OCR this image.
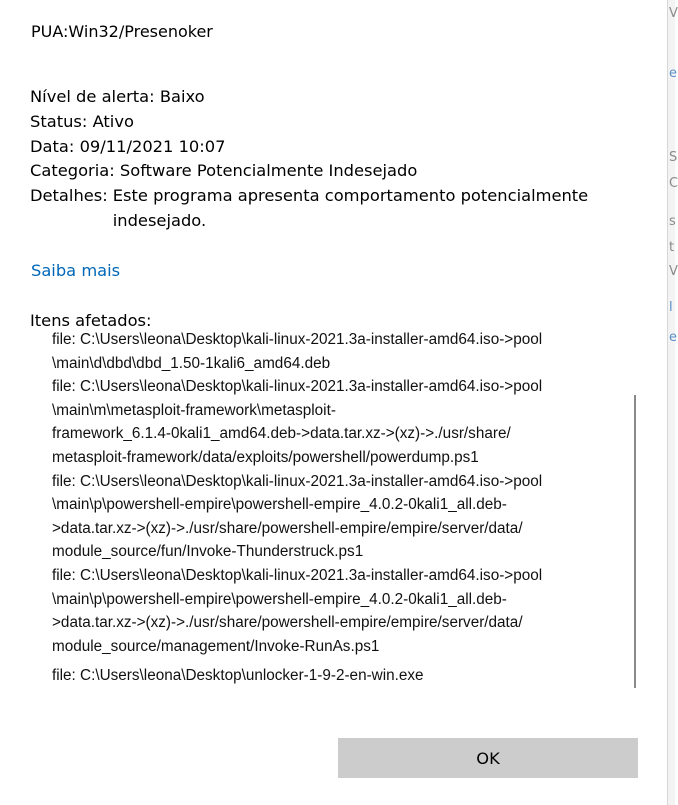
PUA:Win32/Presenoker
Nível de alerta:
Baixo
Status:
Ativo
Data:
09/11/2021 10:07
Categoria:
Software Potencialmente Indesejado
Detalhes: Este programa apresenta comportamento potencialmente indesejado.
Saiba mais
Itens afetados:
file: C:\Users\leona\Desktop\kali-linux-2021.3a-installer-amd64.iso->pool
\main\d\dbd\dbd_1.50-1kali6_amd64.deb
file: C:\Users\leona\Desktop\kali-linux-2021.3a-installer-amd64.iso->pool
\main\m\metasploit-framework\metasploit-
framework_6.1.4-0kali1_amd64.deb->data.tar.xz->(xz)->./usr/share/
metasploit-framework/data/exploits/powershell/powerdump.ps1
file: C:\Users\leona\Desktop\kali-linux-2021.3a-installer-amd64.iso->pool
\main\p\powershell-empire\powershell-empire_4.0.2-0kali1_all.deb-
>data.tar.xz->(xz)->./usr/share/powershell-empire/empire/server/data/
module_source/fun/Invoke-Thunderstruck.ps1
file: C:\Users\leona\Desktop\kali-linux-2021.3a-installer-amd64.iso->pool
\main\p\powershell-empire\powershell-empire_4.0.2-0kali1_all.deb-
>data.tar.xz->(xz)->./usr/share/powershell-empire/empire/server/data/
module_source/management/Invoke-RunAs.ps1
file: C:\Users\leona\Desktop\unlocker-1-9-2-en-win.exe
OK
V
e
S
C
s
t
V
l
e
